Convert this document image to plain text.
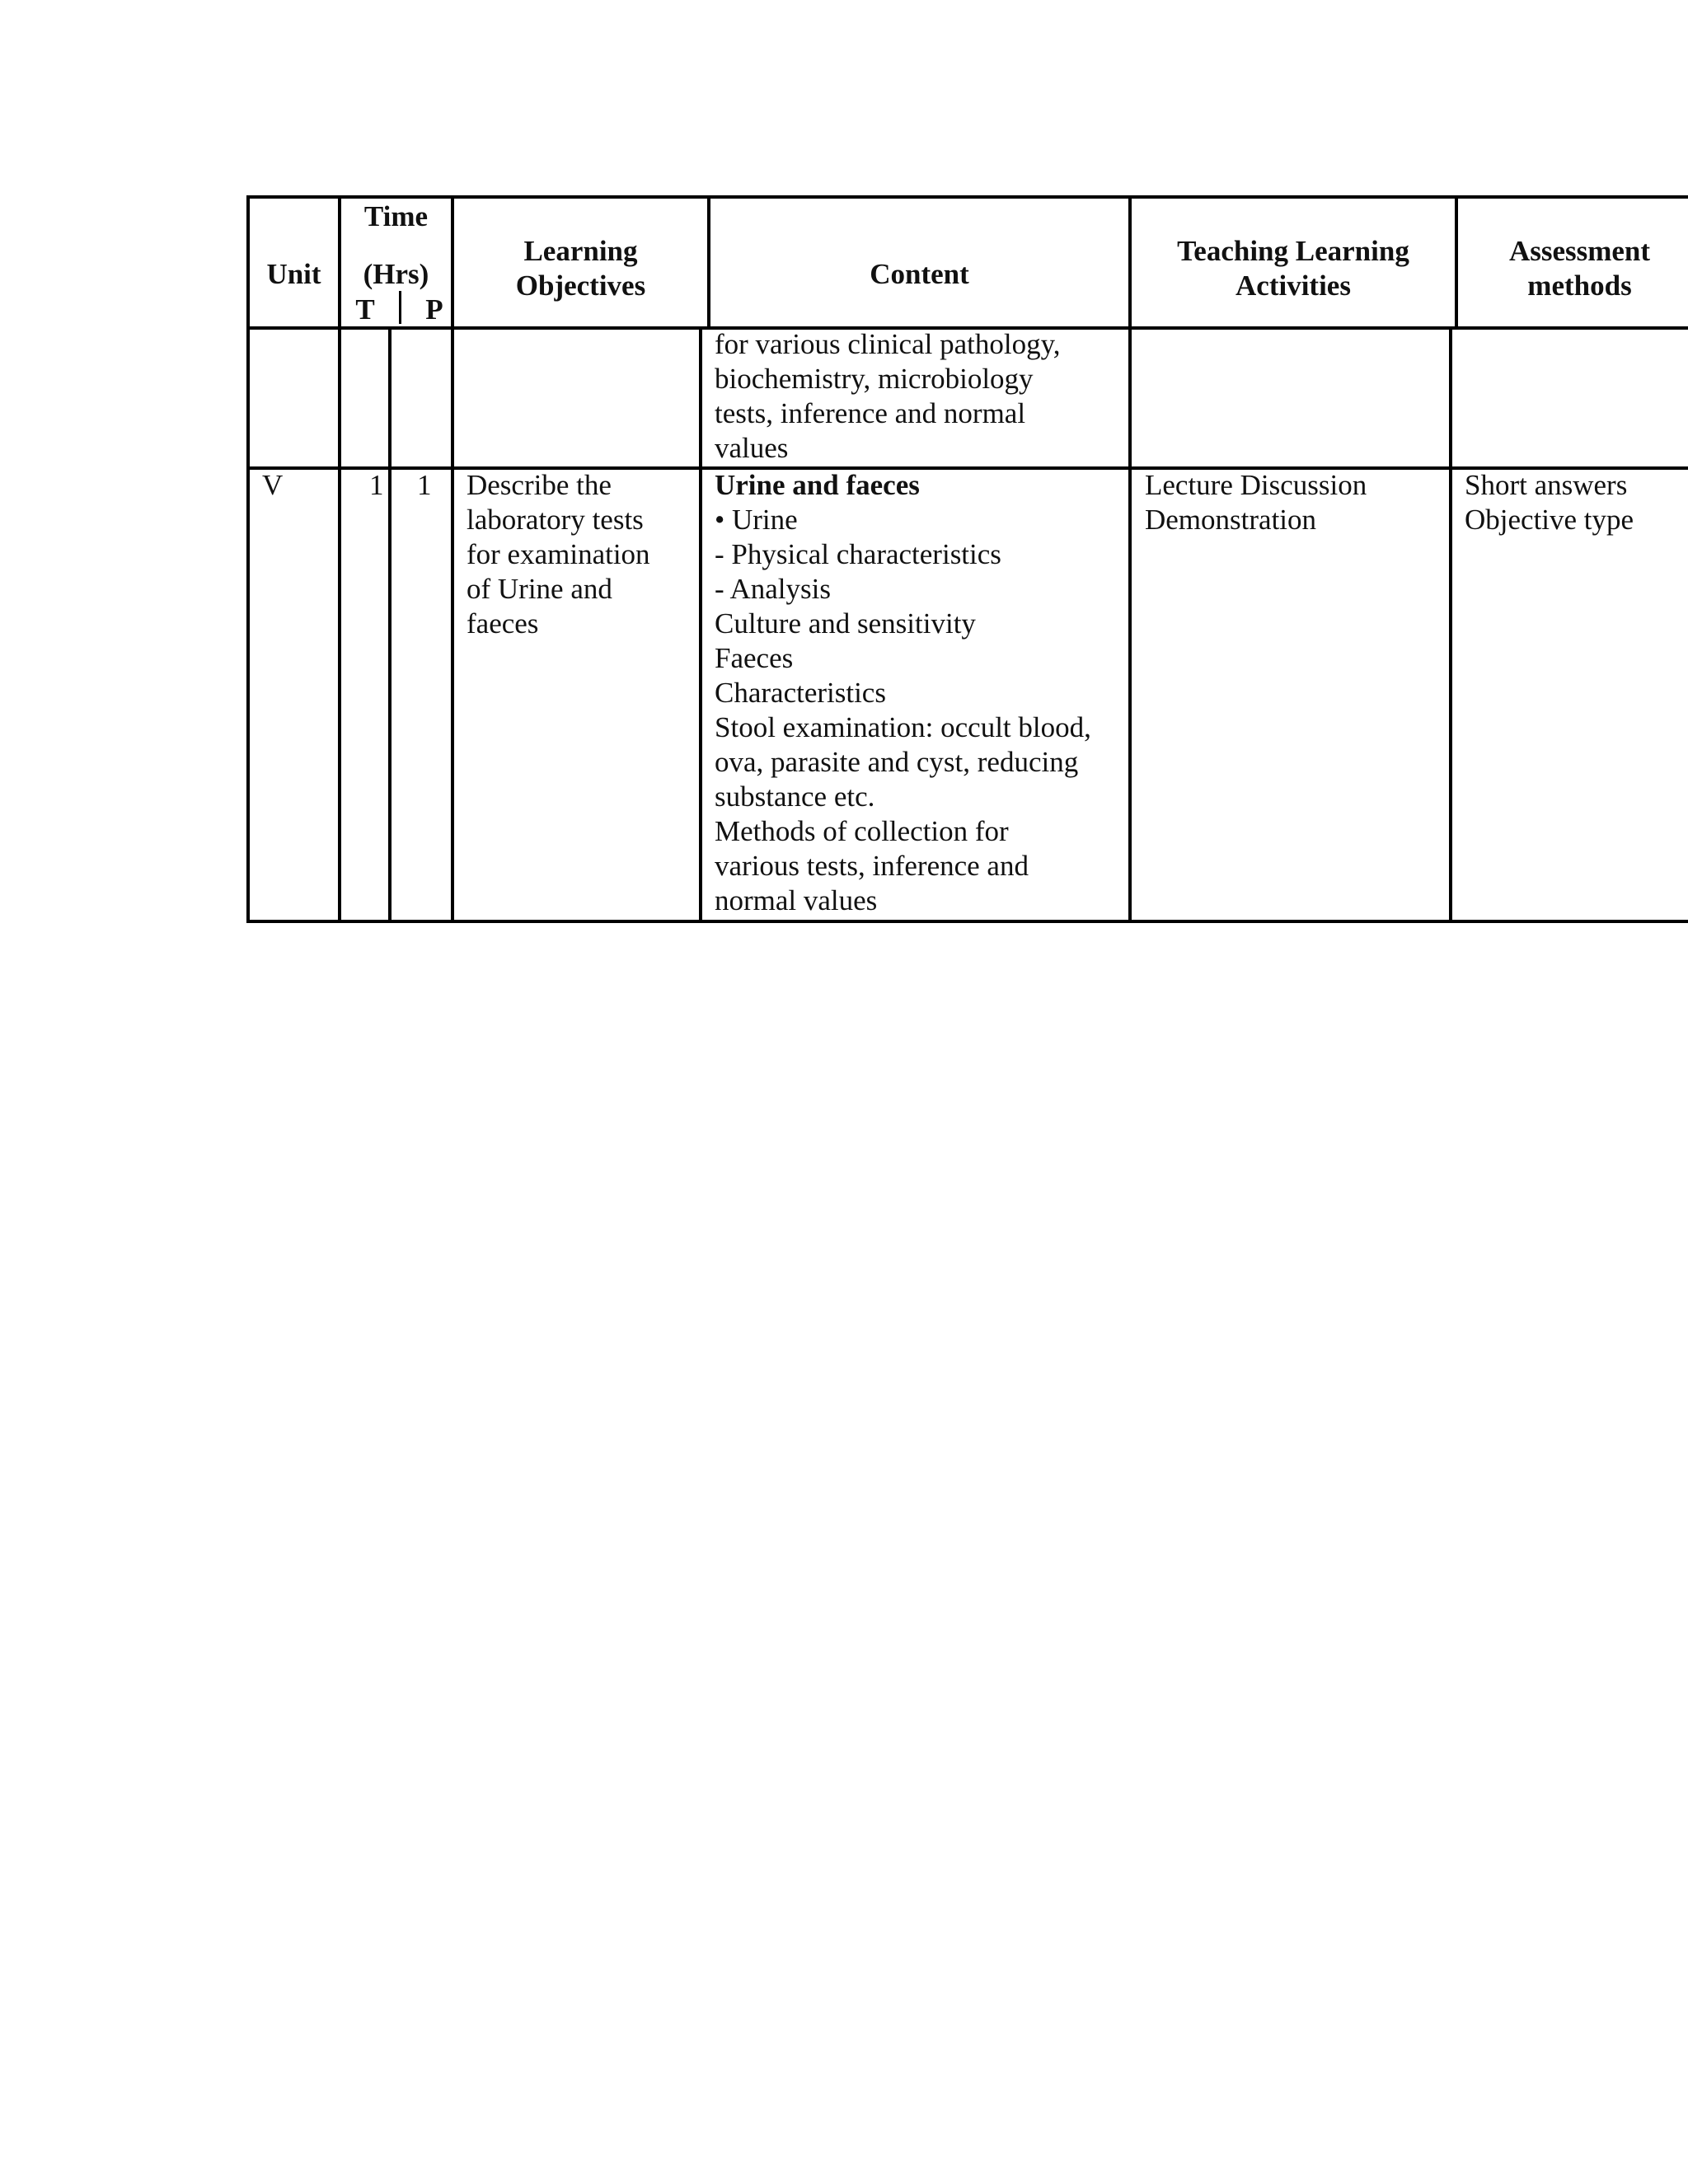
Unit
Time
(Hrs)
T P
Learning
Objectives	Content
Teaching Learning
Activities
Assessment
methods
for various clinical pathology,
biochemistry, microbiology
tests, inference and normal
values
V	1 1 Describe the
laboratory tests
for examination
of Urine and
faeces
Urine and faeces
• Urine
- Physical characteristics
- Analysis
Culture and sensitivity
Faeces
Characteristics
Stool examination: occult blood,
ova, parasite and cyst, reducing
substance etc.
Methods of collection for
various tests, inference and
normal values
Lecture Discussion
Demonstration
Short answers
Objective type
